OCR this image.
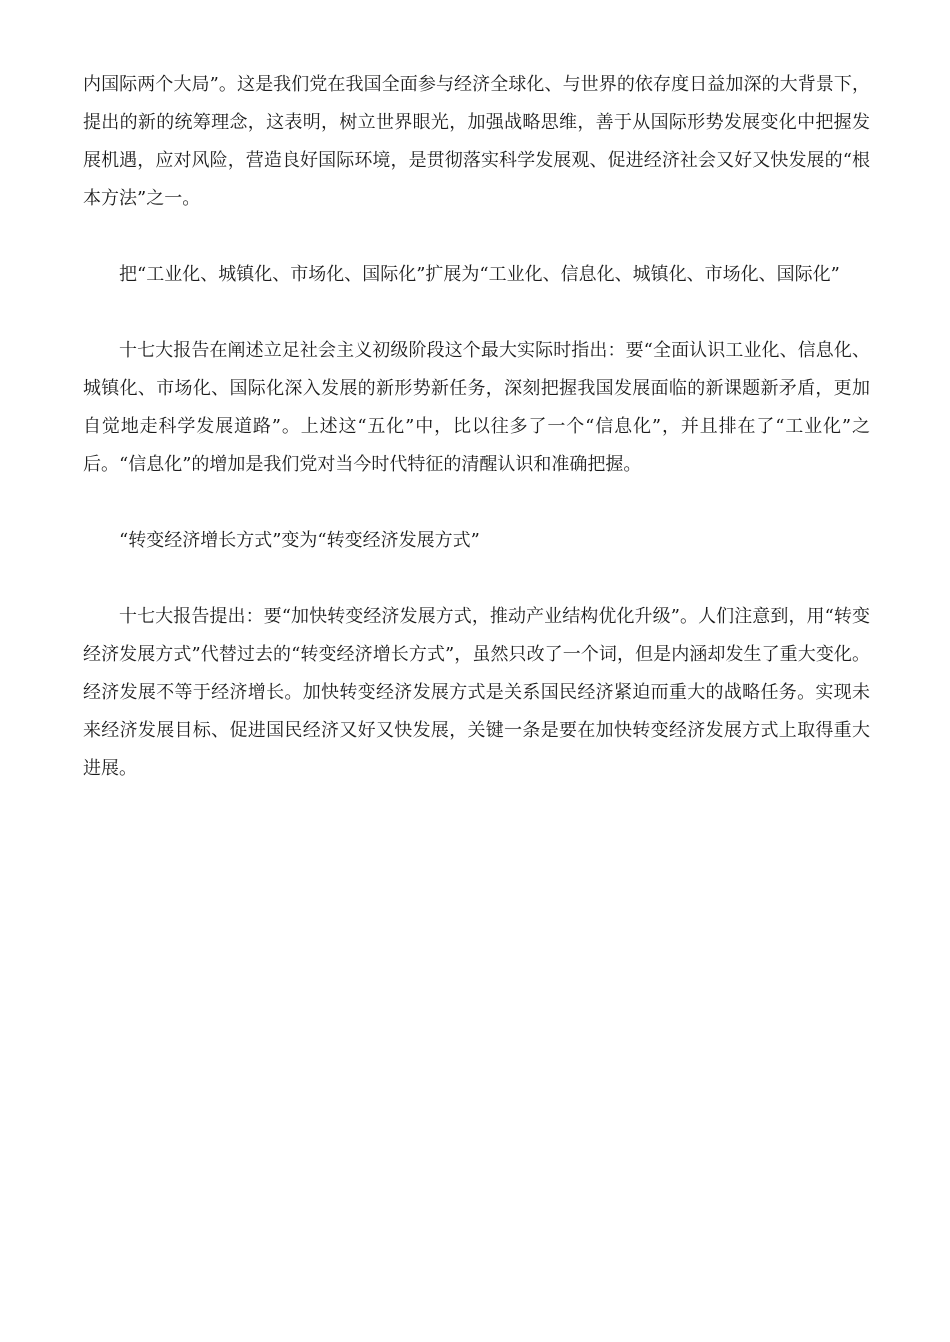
内国际两个大局”。这是我们党在我国全面参与经济全球化、与世界的依存度日益加深的大背景下，提出的新的统筹理念，这表明，树立世界眼光，加强战略思维，善于从国际形势发展变化中把握发展机遇，应对风险，营造良好国际环境，是贯彻落实科学发展观、促进经济社会又好又快发展的“根本方法”之一。

把“工业化、城镇化、市场化、国际化”扩展为“工业化、信息化、城镇化、市场化、国际化”

十七大报告在阐述立足社会主义初级阶段这个最大实际时指出：要“全面认识工业化、信息化、城镇化、市场化、国际化深入发展的新形势新任务，深刻把握我国发展面临的新课题新矛盾，更加自觉地走科学发展道路”。上述这“五化”中，比以往多了一个“信息化”，并且排在了“工业化”之后。“信息化”的增加是我们党对当今时代特征的清醒认识和准确把握。

“转变经济增长方式”变为“转变经济发展方式”

十七大报告提出：要“加快转变经济发展方式，推动产业结构优化升级”。人们注意到，用“转变经济发展方式”代替过去的“转变经济增长方式”，虽然只改了一个词，但是内涵却发生了重大变化。经济发展不等于经济增长。加快转变经济发展方式是关系国民经济紧迫而重大的战略任务。实现未来经济发展目标、促进国民经济又好又快发展，关键一条是要在加快转变经济发展方式上取得重大进展。
